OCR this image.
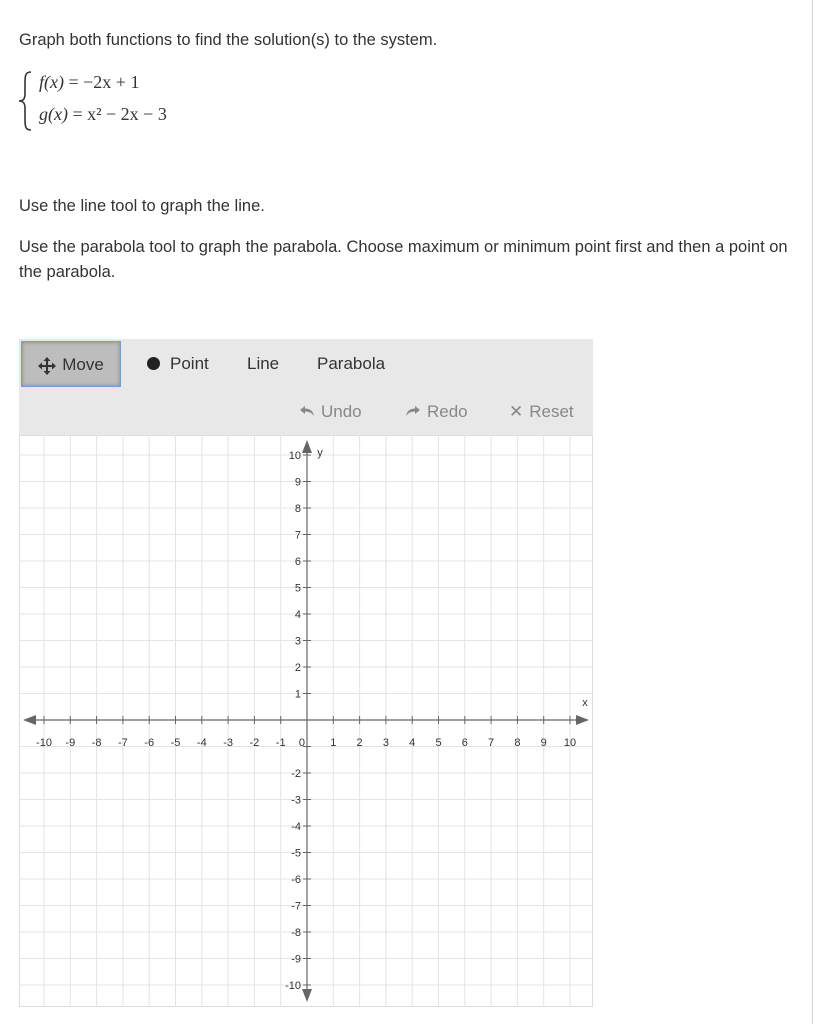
Graph both functions to find the solution(s) to the system.

f(x) = −2x + 1
g(x) = x² − 2x − 3

Use the line tool to graph the line.

Use the parabola tool to graph the parabola. Choose maximum or minimum point first and then a point on the parabola.

Move	Point Line Parabola
Undo	Redo ✕ Reset
-10 -9 -8 -7 -6 -5 -4 -3 -2 -1	1 2 3 4 5 6 7 8 9 10
10
9
8
7
6
5
4
3
2
1
-2
-3
-4
-5
-6
-7
-8
-9
-10
0
x
y
